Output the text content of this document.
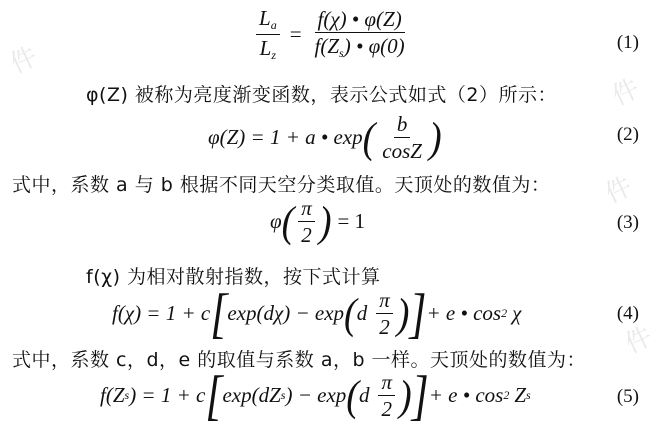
件
件
件
件
$\frac{L_a}{L_z} = \frac{f(\chi) • \varphi(Z)}{f(Z_s) • \varphi(0)}$	(1)
φ(Z) 被称为亮度渐变函数，表示公式如式（2）所示：
φ(Z) = 1 + a • exp ( $\frac{b}{\cos Z}$ )	(2)
式中，系数 a 与 b 根据不同天空分类取值。天顶处的数值为：
φ ( $\frac{\pi}{2}$ ) = 1	(3)
f(χ) 为相对散射指数，按下式计算
f(χ) = 1 + c [ exp(dχ) − exp ( d $\frac{\pi}{2}$ ) ] + e • cos 2 χ	(4)
式中，系数 c，d，e 的取值与系数 a，b 一样。天顶处的数值为：
f(Z s ) = 1 + c [ exp(dZ s ) − exp ( d $\frac{\pi}{2}$ ) ] + e • cos 2 Z s	(5)
